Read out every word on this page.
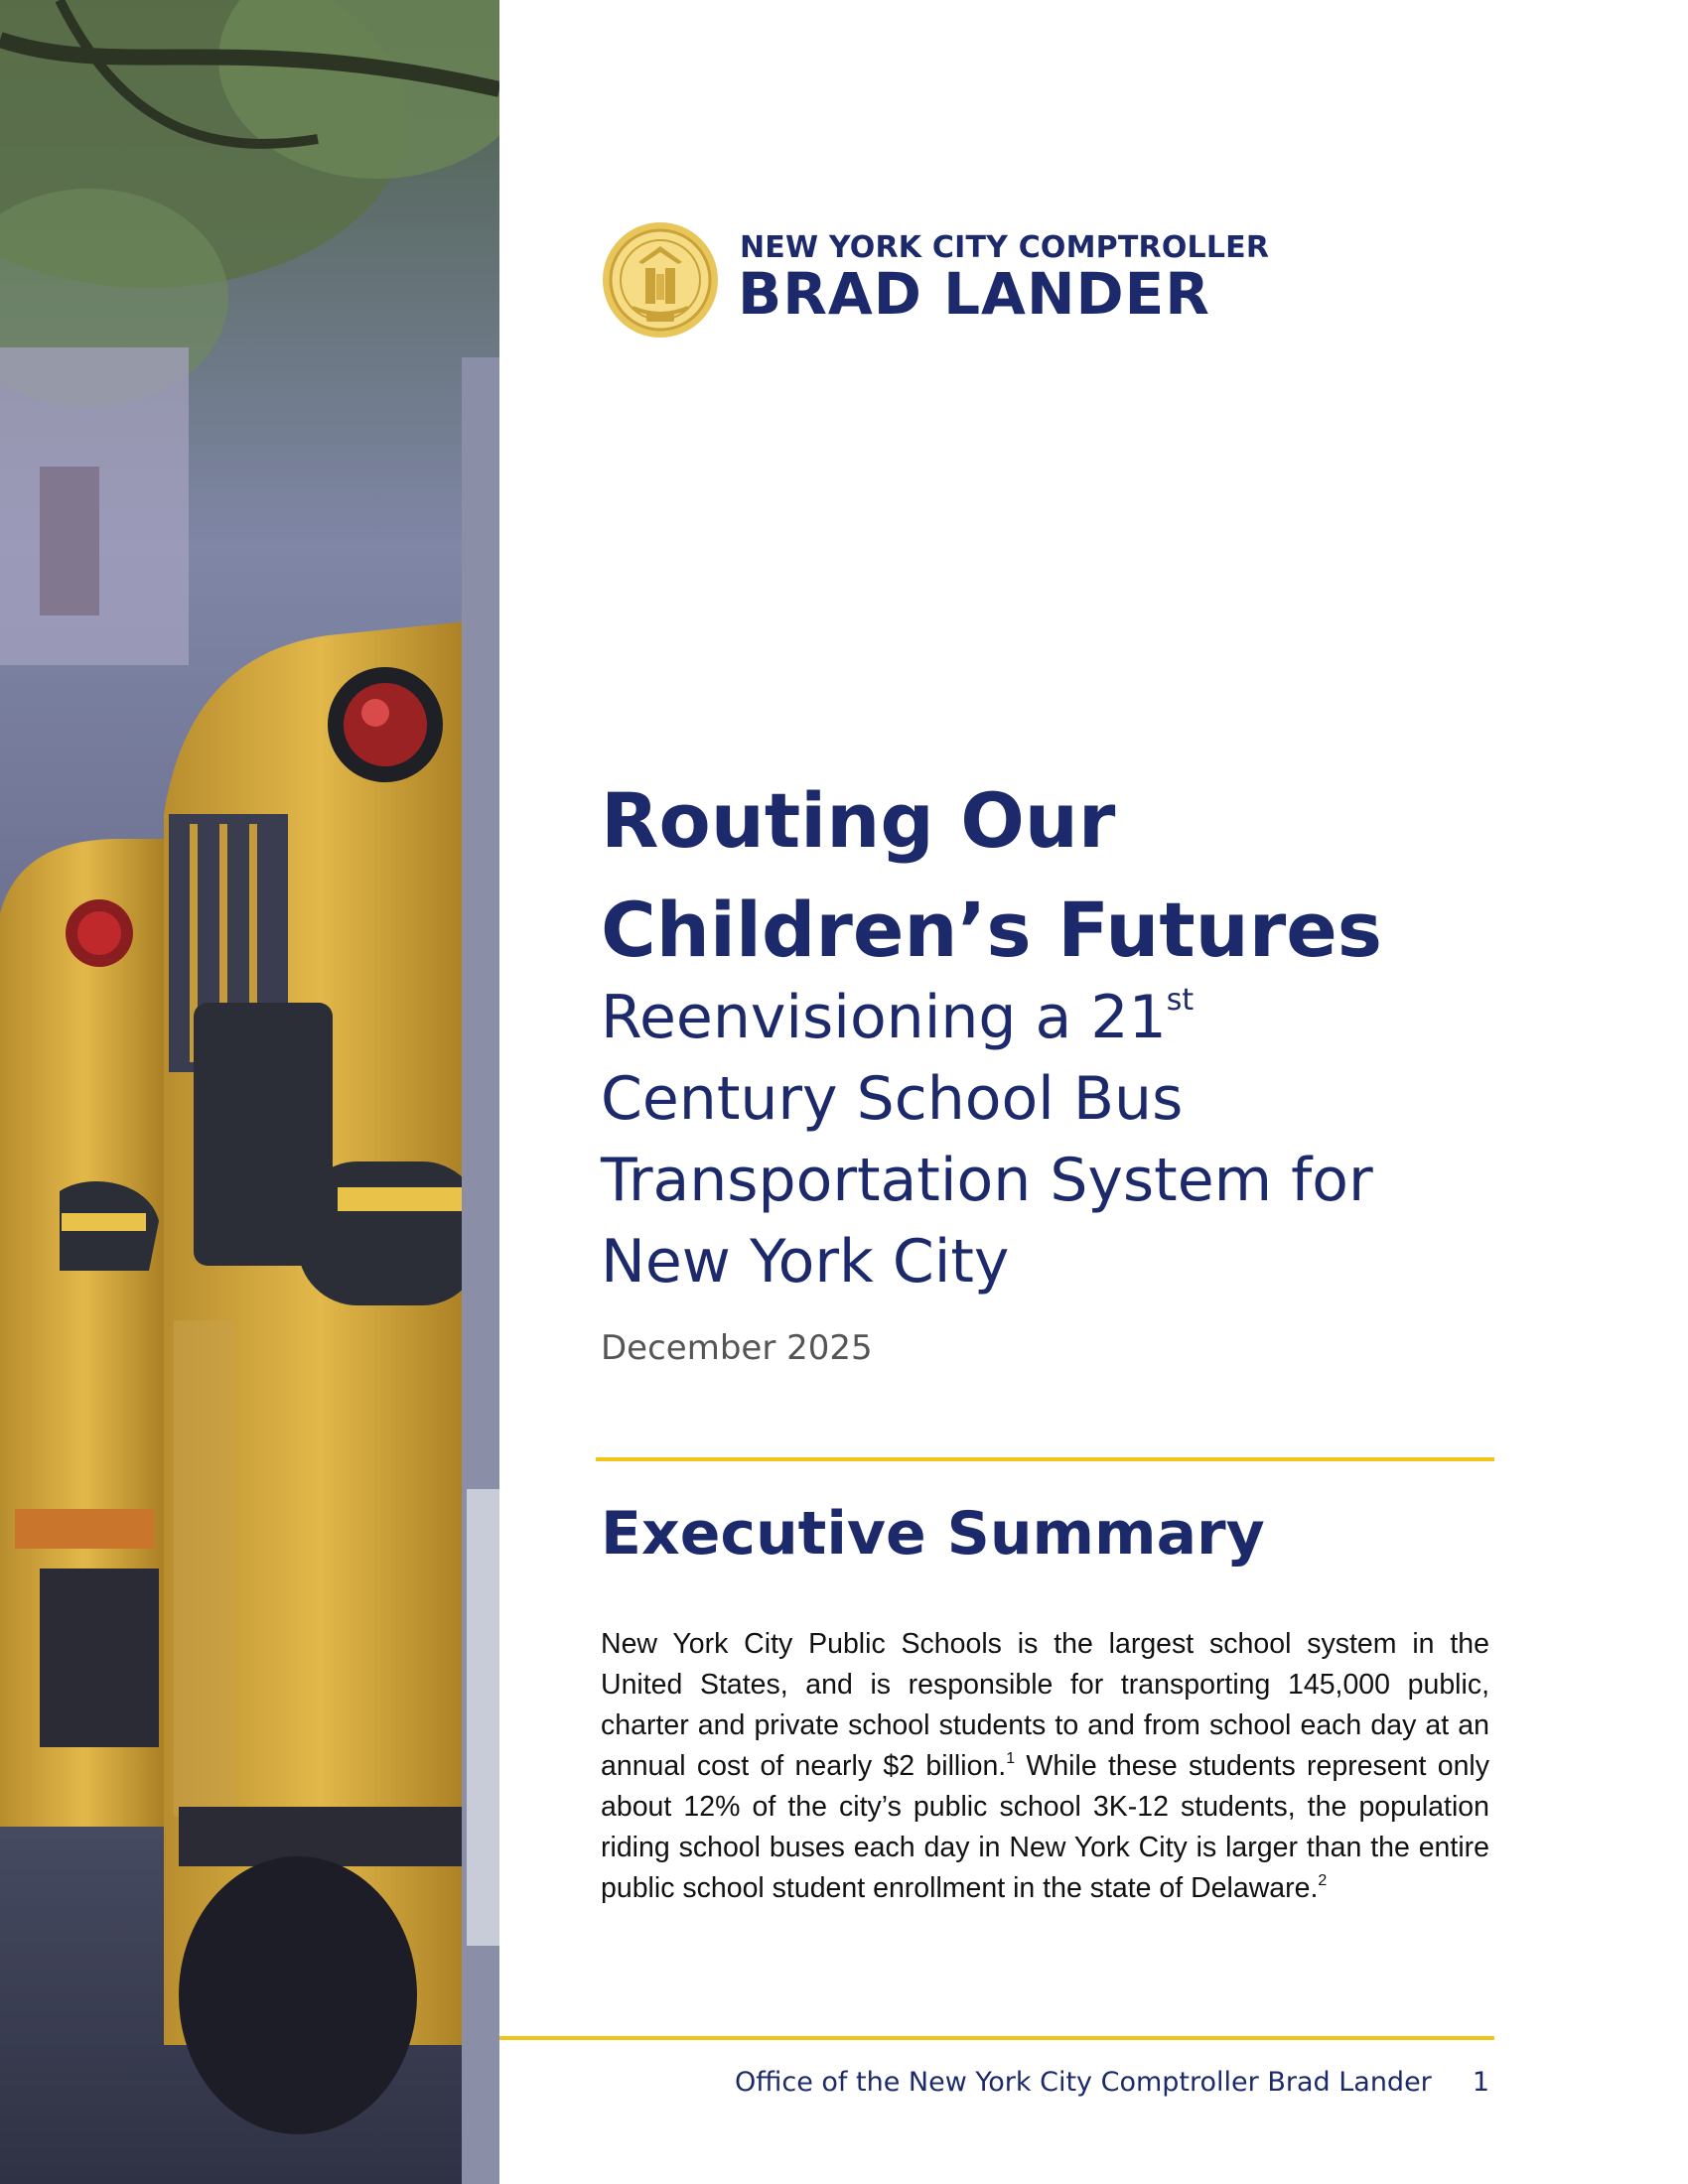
NEW YORK CITY COMPTROLLER
BRAD LANDER
Routing Our
Children’s Futures

Reenvisioning a 21st
Century School Bus
Transportation System for
New York City

December 2025
Executive Summary

New York City Public Schools is the largest school system in the United States, and is responsible for transporting 145,000 public, charter and private school students to and from school each day at an annual cost of nearly $2 billion.$^1$ While these students represent only about 12% of the city’s public school 3K-12 students, the population riding school buses each day in New York City is larger than the entire public school student enrollment in the state of Delaware.$^2$

Office of the New York City Comptroller Brad Lander 1
